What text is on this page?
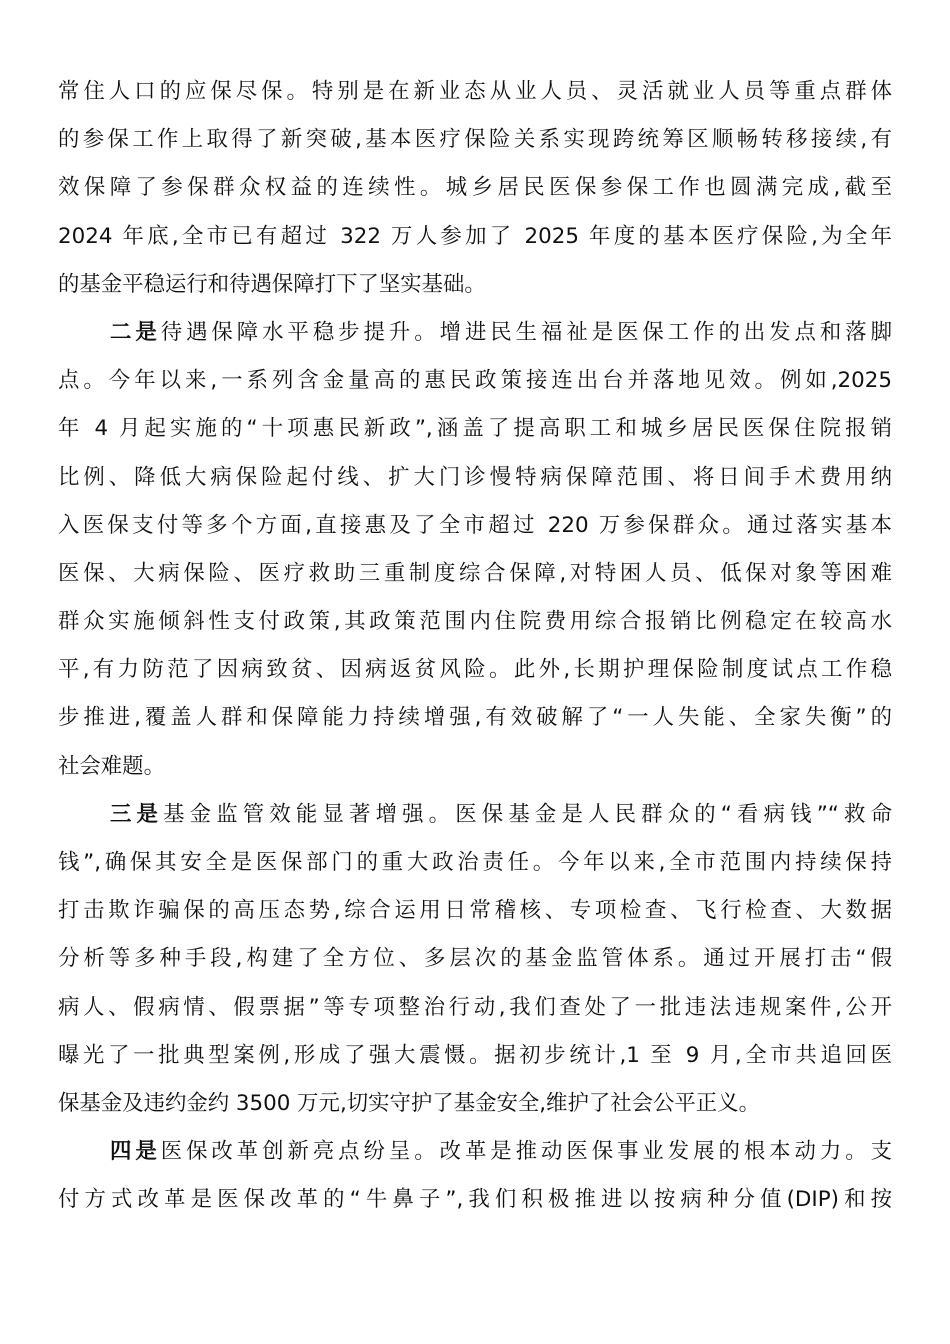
常住人口的应保尽保。特别是在新业态从业人员、灵活就业人员等重点群体
的参保工作上取得了新突破,基本医疗保险关系实现跨统筹区顺畅转移接续,有
效保障了参保群众权益的连续性。城乡居民医保参保工作也圆满完成,截至
2024 年底,全市已有超过 322 万人参加了 2025 年度的基本医疗保险,为全年
的基金平稳运行和待遇保障打下了坚实基础。
二是待遇保障水平稳步提升。增进民生福祉是医保工作的出发点和落脚
点。今年以来,一系列含金量高的惠民政策接连出台并落地见效。例如,2025
年 4 月起实施的“十项惠民新政”,涵盖了提高职工和城乡居民医保住院报销
比例、降低大病保险起付线、扩大门诊慢特病保障范围、将日间手术费用纳
入医保支付等多个方面,直接惠及了全市超过 220 万参保群众。通过落实基本
医保、大病保险、医疗救助三重制度综合保障,对特困人员、低保对象等困难
群众实施倾斜性支付政策,其政策范围内住院费用综合报销比例稳定在较高水
平,有力防范了因病致贫、因病返贫风险。此外,长期护理保险制度试点工作稳
步推进,覆盖人群和保障能力持续增强,有效破解了“一人失能、全家失衡”的
社会难题。
三是基金监管效能显著增强。医保基金是人民群众的“看病钱”“救命
钱”,确保其安全是医保部门的重大政治责任。今年以来,全市范围内持续保持
打击欺诈骗保的高压态势,综合运用日常稽核、专项检查、飞行检查、大数据
分析等多种手段,构建了全方位、多层次的基金监管体系。通过开展打击“假
病人、假病情、假票据”等专项整治行动,我们查处了一批违法违规案件,公开
曝光了一批典型案例,形成了强大震慑。据初步统计,1 至 9 月,全市共追回医
保基金及违约金约 3500 万元,切实守护了基金安全,维护了社会公平正义。
四是医保改革创新亮点纷呈。改革是推动医保事业发展的根本动力。支
付方式改革是医保改革的“牛鼻子”,我们积极推进以按病种分值(DIP)和按
